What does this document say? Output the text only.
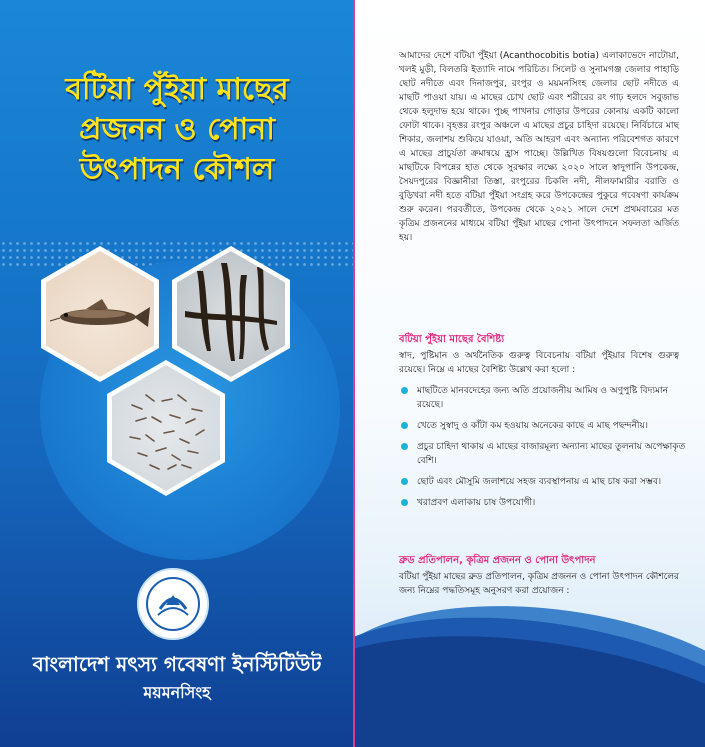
বটিয়া পুঁইয়া মাছের
প্রজনন ও পোনা
উৎপাদন কৌশল
বাংলাদেশ মৎস্য গবেষণা ইনস্টিটিউট
ময়মনসিংহ
আমাদের দেশে বটিয়া পুঁইয়া (Acanthocobitis botia) এলাকাভেদে নাটোয়া, খলই মুড়ী, বিলতরি ইত্যাদি নামে পরিচিত। সিলেট ও সুনামগঞ্জ জেলার পাহাড়ি ছোট নদীতে এবং দিনাজপুর, রংপুর ও ময়মনসিংহ জেলার ছোট নদীতে এ মাছটি পাওয়া যায়। এ মাছের চোখ ছোট এবং শরীরের রং গাঢ় হলদে সবুজাভ থেকে হলুদাভ হয়ে থাকে। পুচ্ছ পাখনার গোড়ার উপরের কোনায় একটি কালো ফোটা থাকে। বৃহত্তর রংপুর অঞ্চলে এ মাছের প্রচুর চাহিদা রয়েছে। নির্বিচারে মাছ শিকার, জলাশয় শুকিয়ে যাওয়া, অতি আহরণ এবং অন্যান্য পরিবেশগত কারণে এ মাছের প্রাচুর্যতা ক্রমান্বয়ে হ্রাস পাচ্ছে। উল্লিখিত বিষয়গুলো বিবেচনায় এ মাছটিকে বিপন্নের হাত থেকে সুরক্ষার লক্ষ্যে ২০২০ সালে স্বাদুপানি উপকেন্দ্র, সৈয়দপুরের বিজ্ঞানীরা তিস্তা, রংপুরের চিকলি নদী, নীলফামারীর বরাতি ও বুড়িখরা নদী হতে বটিয়া পুঁইয়া সংগ্রহ করে উপকেন্দ্রের পুকুরে গবেষণা কার্যক্রম শুরু করেন। পরবর্তীতে, উপকেন্দ্র থেকে ২০২১ সালে দেশে প্রথমবারের মত কৃত্রিম প্রজননের মাধ্যমে বটিয়া পুঁইয়া মাছের পোনা উৎপাদনে সফলতা অর্জিত হয়।
বটিয়া পুঁইয়া মাছের বৈশিষ্ট্য
স্বাদ, পুষ্টিমান ও অর্থনৈতিক গুরুত্ব বিবেচনায় বটিয়া পুঁইয়ার বিশেষ গুরুত্ব রয়েছে। নিম্নে এ মাছের বৈশিষ্ট্য উল্লেখ করা হলো :
মাছটিতে মানবদেহের জন্য অতি প্রয়োজনীয় আমিষ ও অণুপুষ্টি বিদ্যমান রয়েছে।
খেতে সুস্বাদু ও কাঁটা কম হওয়ায় অনেকের কাছে এ মাছ পছন্দনীয়।
প্রচুর চাহিদা থাকায় এ মাছের বাজারমূল্য অন্যান্য মাছের তুলনায় অপেক্ষাকৃত বেশি।
ছোট এবং মৌসুমি জলাশয়ে সহজ ব্যবস্থাপনায় এ মাছ চাষ করা সম্ভব।
খরাপ্রবণ এলাকায় চাষ উপযোগী।
ব্রুড প্রতিপালন, কৃত্রিম প্রজনন ও পোনা উৎপাদন
বটিয়া পুঁইয়া মাছের ব্রুড প্রতিপালন, কৃত্রিম প্রজনন ও পোনা উৎপাদন কৌশলের জন্য নিম্নের পদ্ধতিসমূহ অনুসরণ করা প্রয়োজন :
